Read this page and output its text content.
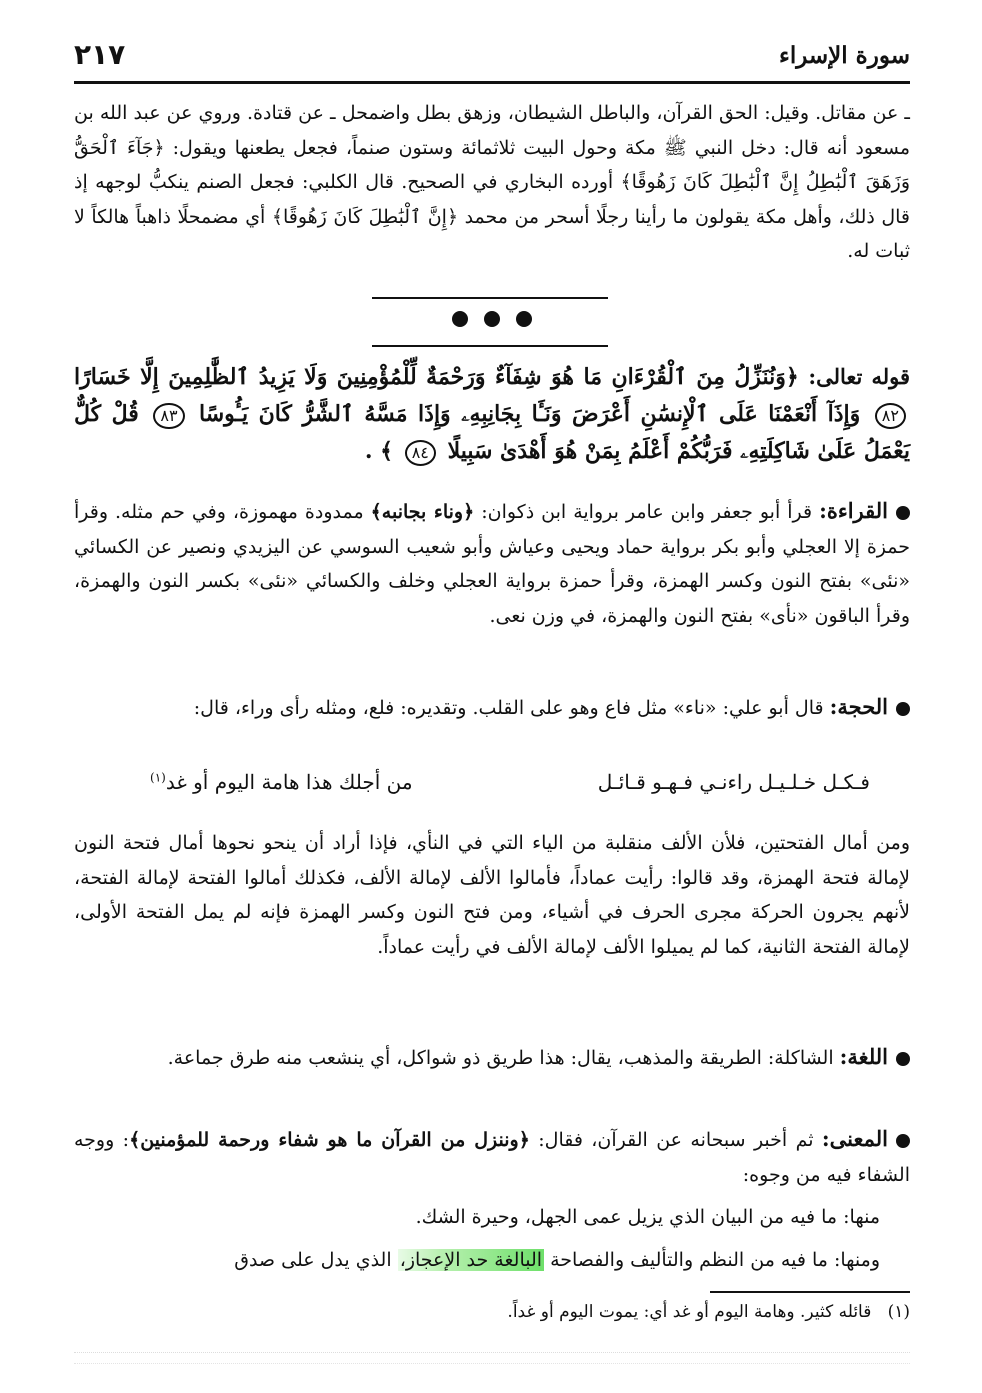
سورة الإسراء
٢١٧

ـ عن مقاتل. وقيل: الحق القرآن، والباطل الشيطان، وزهق بطل واضمحل ـ عن قتادة. وروي عن عبد الله بن مسعود أنه قال: دخل النبي ﷺ مكة وحول البيت ثلاثمائة وستون صنماً، فجعل يطعنها ويقول: ﴿جَآءَ ٱلْحَقُّ وَزَهَقَ ٱلْبَٰطِلُ إِنَّ ٱلْبَٰطِلَ كَانَ زَهُوقًا﴾ أورده البخاري في الصحيح. قال الكلبي: فجعل الصنم ينكبُّ لوجهه إذ قال ذلك، وأهل مكة يقولون ما رأينا رجلًا أسحر من محمد ﴿إِنَّ ٱلْبَٰطِلَ كَانَ زَهُوقًا﴾ أي مضمحلًا ذاهباً هالكاً لا ثبات له.

قوله تعالى: ﴿وَنُنَزِّلُ مِنَ ٱلْقُرْءَانِ مَا هُوَ شِفَآءٌ وَرَحْمَةٌ لِّلْمُؤْمِنِينَ وَلَا يَزِيدُ ٱلظَّٰلِمِينَ إِلَّا خَسَارًا ٨٢ وَإِذَآ أَنْعَمْنَا عَلَى ٱلْإِنسَٰنِ أَعْرَضَ وَنَـَٔا بِجَانِبِهِۦ وَإِذَا مَسَّهُ ٱلشَّرُّ كَانَ يَـُٔوسًا ٨٣ قُلْ كُلٌّ يَعْمَلُ عَلَىٰ شَاكِلَتِهِۦ فَرَبُّكُمْ أَعْلَمُ بِمَنْ هُوَ أَهْدَىٰ سَبِيلًا ٨٤ ﴾ .

القراءة: قرأ أبو جعفر وابن عامر برواية ابن ذكوان: ﴿وناء بجانبه﴾ ممدودة مهموزة، وفي حم مثله. وقرأ حمزة إلا العجلي وأبو بكر برواية حماد ويحيى وعياش وأبو شعيب السوسي عن اليزيدي ونصير عن الكسائي «نئى» بفتح النون وكسر الهمزة، وقرأ حمزة برواية العجلي وخلف والكسائي «نئى» بكسر النون والهمزة، وقرأ الباقون «نأى» بفتح النون والهمزة، في وزن نعى.

الحجة: قال أبو علي: «ناء» مثل فاع وهو على القلب. وتقديره: فلع، ومثله رأى وراء، قال:

فـكـل خـلـيـل راءنـي فـهـو قـائـل
من أجلك هذا هامة اليوم أو غد$^{(١)}$

ومن أمال الفتحتين، فلأن الألف منقلبة من الياء التي في النأي، فإذا أراد أن ينحو نحوها أمال فتحة النون لإمالة فتحة الهمزة، وقد قالوا: رأيت عماداً، فأمالوا الألف لإمالة الألف، فكذلك أمالوا الفتحة لإمالة الفتحة، لأنهم يجرون الحركة مجرى الحرف في أشياء، ومن فتح النون وكسر الهمزة فإنه لم يمل الفتحة الأولى، لإمالة الفتحة الثانية، كما لم يميلوا الألف لإمالة الألف في رأيت عماداً.

اللغة: الشاكلة: الطريقة والمذهب، يقال: هذا طريق ذو شواكل، أي ينشعب منه طرق جماعة.

المعنى: ثم أخبر سبحانه عن القرآن، فقال: ﴿وننزل من القرآن ما هو شفاء ورحمة للمؤمنين﴾: ووجه الشفاء فيه من وجوه:

منها: ما فيه من البيان الذي يزيل عمى الجهل، وحيرة الشك.

ومنها: ما فيه من النظم والتأليف والفصاحة البالغة حد الإعجاز، الذي يدل على صدق

(١)   قائله كثير. وهامة اليوم أو غد أي: يموت اليوم أو غداً.
